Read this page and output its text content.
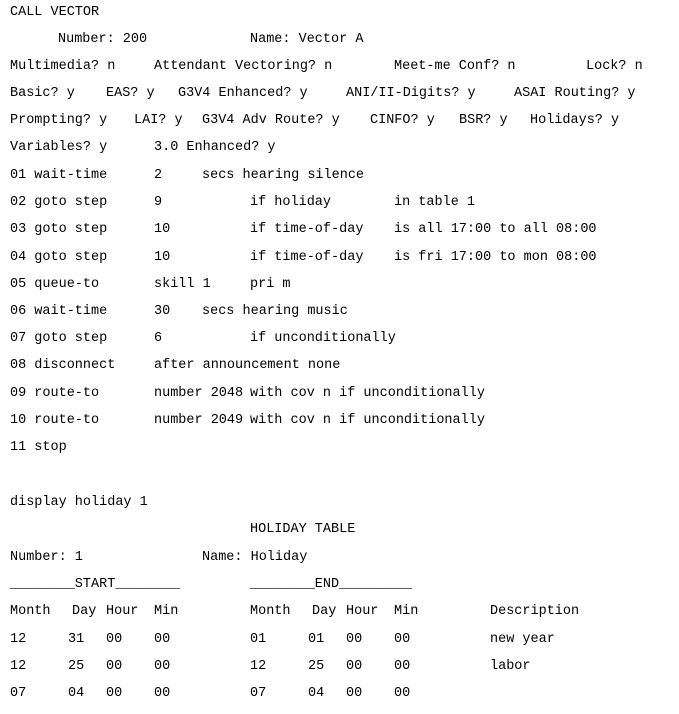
CALL VECTOR
Number: 200	Name: Vector A
Multimedia? n	Attendant Vectoring? n	Meet-me Conf? n	Lock? n
Basic? y EAS? y G3V4 Enhanced? y	ANI/II-Digits? y	ASAI Routing? y
Prompting? y LAI? y G3V4 Adv Route? y CINFO? y BSR? y Holidays? y
Variables? y	3.0 Enhanced? y
01 wait-time	2	secs hearing silence
02 goto step	9	if holiday	in table 1
03 goto step	10	if time-of-day is all 17:00 to all 08:00
04 goto step	10	if time-of-day is fri 17:00 to mon 08:00
05 queue-to	skill 1	pri m
06 wait-time	30 secs hearing music
07 goto step	6	if unconditionally
08 disconnect	after announcement none
09 route-to	number 2048 with cov n if unconditionally
10 route-to	number 2049 with cov n if unconditionally
11 stop
display holiday 1
HOLIDAY TABLE
Number: 1	Name: Holiday
________START________	________END_________
Month Day Hour Min	Month Day Hour Min	Description
12	31 00 00	01	01 00 00	new year
12	25 00 00	12	25 00 00	labor
07	04 00 00	07	04 00 00
